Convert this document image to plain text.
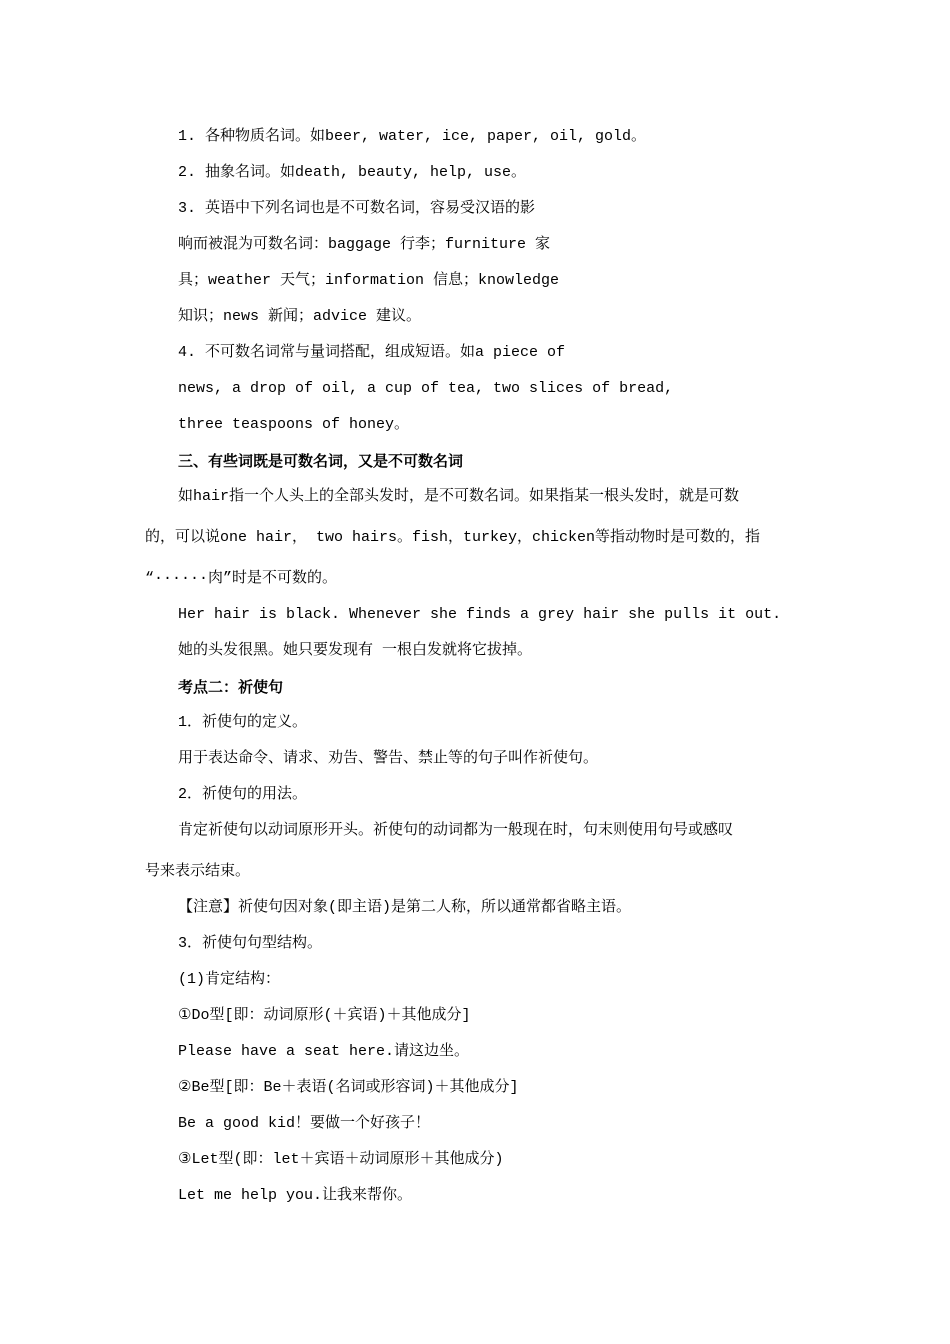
1. 各种物质名词。如beer, water, ice, paper, oil, gold。
2. 抽象名词。如death, beauty, help, use。
3. 英语中下列名词也是不可数名词，容易受汉语的影
响而被混为可数名词：baggage 行李；furniture 家
具；weather 天气；information 信息；knowledge
知识；news 新闻；advice 建议。
4. 不可数名词常与量词搭配，组成短语。如a piece of
news, a drop of oil, a cup of tea, two slices of bread,
three teaspoons of honey。
三、有些词既是可数名词，又是不可数名词
如hair指一个人头上的全部头发时，是不可数名词。如果指某一根头发时，就是可数
的，可以说one hair， two hairs。fish，turkey，chicken等指动物时是可数的，指
“······肉”时是不可数的。
Her hair is black. Whenever she finds a grey hair she pulls it out.
她的头发很黑。她只要发现有 一根白发就将它拔掉。
考点二：祈使句
1．祈使句的定义。
用于表达命令、请求、劝告、警告、禁止等的句子叫作祈使句。
2．祈使句的用法。
肯定祈使句以动词原形开头。祈使句的动词都为一般现在时，句末则使用句号或感叹
号来表示结束。
【注意】祈使句因对象(即主语)是第二人称，所以通常都省略主语。
3．祈使句句型结构。
(1)肯定结构：
①Do型[即：动词原形(＋宾语)＋其他成分]
Please have a seat here.请这边坐。
②Be型[即：Be＋表语(名词或形容词)＋其他成分]
Be a good kid！要做一个好孩子！
③Let型(即：let＋宾语＋动词原形＋其他成分)
Let me help you.让我来帮你。
